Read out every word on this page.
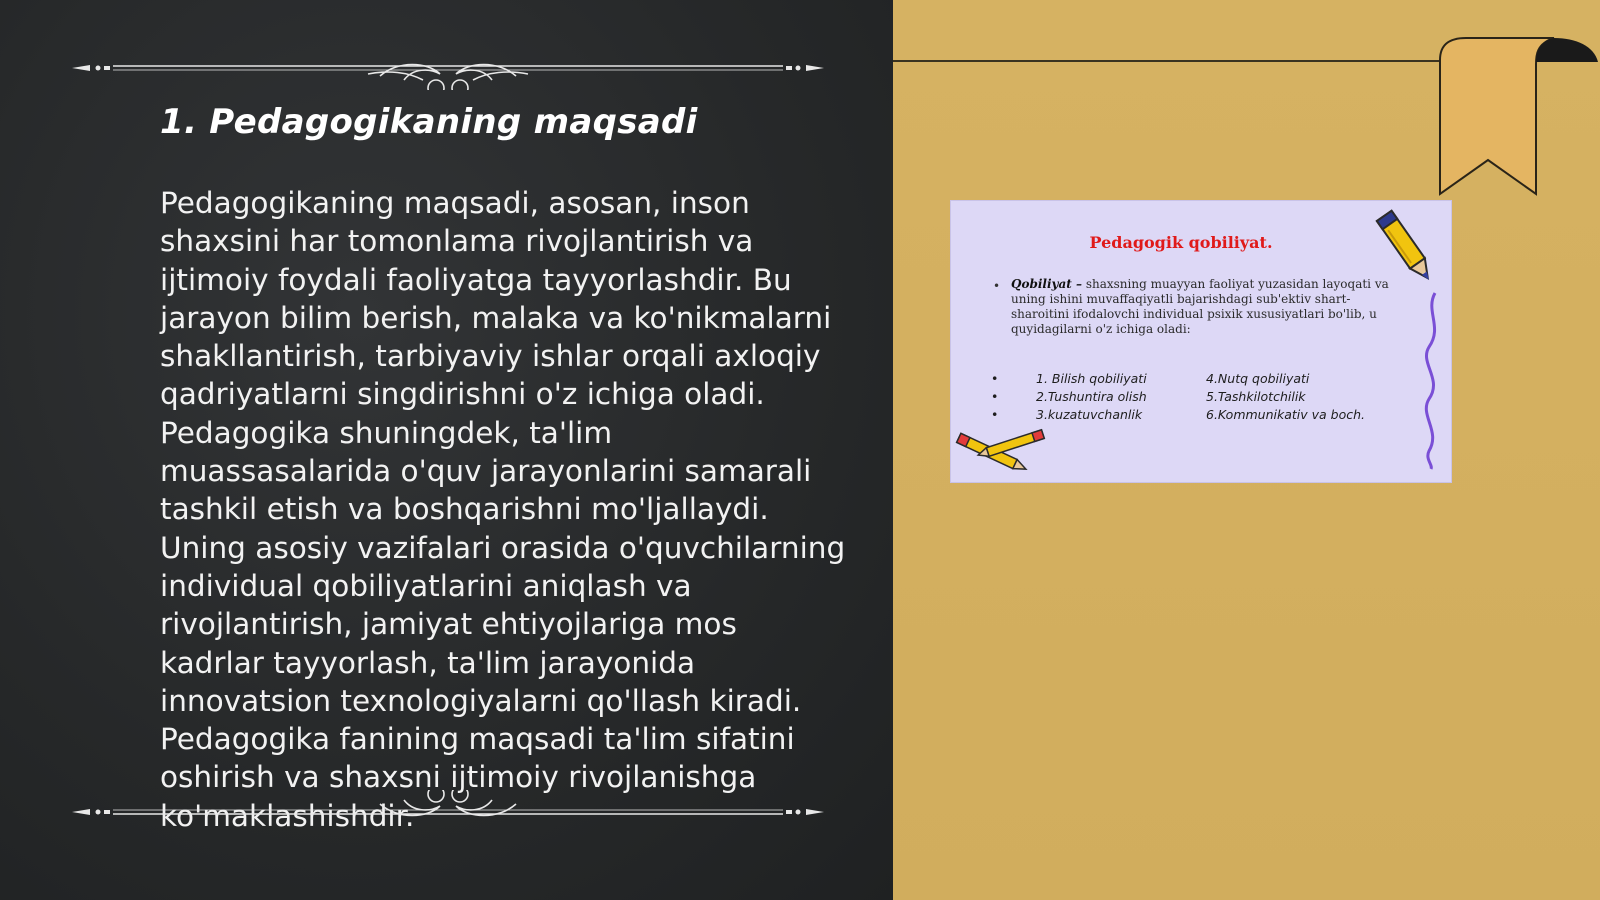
1. Pedagogikaning maqsadi

Pedagogikaning maqsadi, asosan, inson shaxsini har tomonlama rivojlantirish va ijtimoiy foydali faoliyatga tayyorlashdir. Bu jarayon bilim berish, malaka va ko'nikmalarni shakllantirish, tarbiyaviy ishlar orqali axloqiy qadriyatlarni singdirishni o'z ichiga oladi. Pedagogika shuningdek, ta'lim muassasalarida o'quv jarayonlarini samarali tashkil etish va boshqarishni mo'ljallaydi. Uning asosiy vazifalari orasida o'quvchilarning individual qobiliyatlarini aniqlash va rivojlantirish, jamiyat ehtiyojlariga mos kadrlar tayyorlash, ta'lim jarayonida innovatsion texnologiyalarni qo'llash kiradi. Pedagogika fanining maqsadi ta'lim sifatini oshirish va shaxsni ijtimoiy rivojlanishga ko'maklashishdir.

Pedagogik qobiliyat.
• Qobiliyat – shaxsning muayyan faoliyat yuzasidan layoqati va uning ishini muvaffaqiyatli bajarishdagi sub'ektiv shart-sharoitini ifodalovchi individual psixik xususiyatlari bo'lib, u quyidagilarni o'z ichiga oladi:

•	1. Bilish qobiliyati	4.Nutq qobiliyati
•	2.Tushuntira olish	5.Tashkilotchilik
•	3.kuzatuvchanlik	6.Kommunikativ va boch.
